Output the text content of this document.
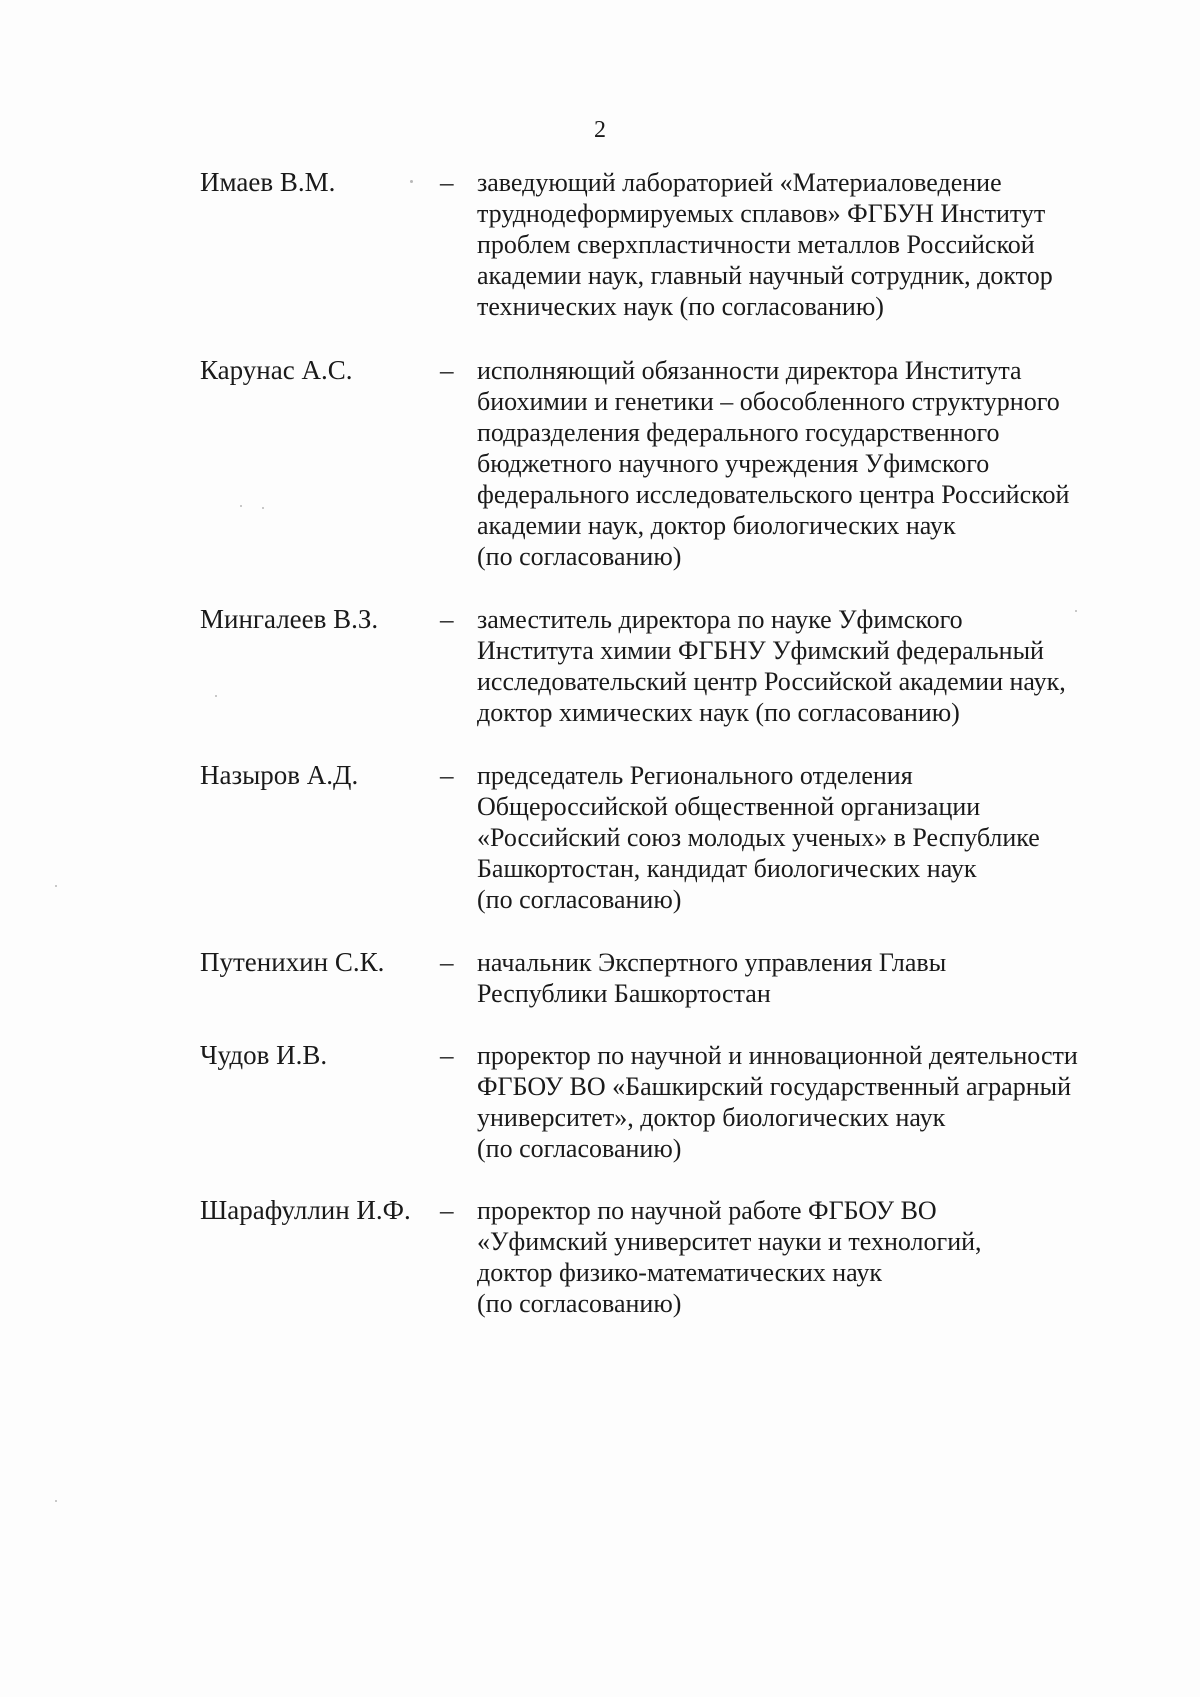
2
Имаев В.М.	– заведующий лабораторией «Материаловедение
труднодеформируемых сплавов» ФГБУН Институт
проблем сверхпластичности металлов Российской
академии наук, главный научный сотрудник, доктор
технических наук (по согласованию)
Карунас А.С.	– исполняющий обязанности директора Института
биохимии и генетики – обособленного структурного
подразделения федерального государственного
бюджетного научного учреждения Уфимского
федерального исследовательского центра Российской
академии наук, доктор биологических наук
(по согласованию)
Мингалеев В.З. – заместитель директора по науке Уфимского
Института химии ФГБНУ Уфимский федеральный
исследовательский центр Российской академии наук,
доктор химических наук (по согласованию)
Назыров А.Д.	– председатель Регионального отделения
Общероссийской общественной организации
«Российский союз молодых ученых» в Республике
Башкортостан, кандидат биологических наук
(по согласованию)
Путенихин С.К. – начальник Экспертного управления Главы
Республики Башкортостан
Чудов И.В.	– проректор по научной и инновационной деятельности
ФГБОУ ВО «Башкирский государственный аграрный
университет», доктор биологических наук
(по согласованию)
Шарафуллин И.Ф. – проректор по научной работе ФГБОУ ВО
«Уфимский университет науки и технологий,
доктор физико-математических наук
(по согласованию)
